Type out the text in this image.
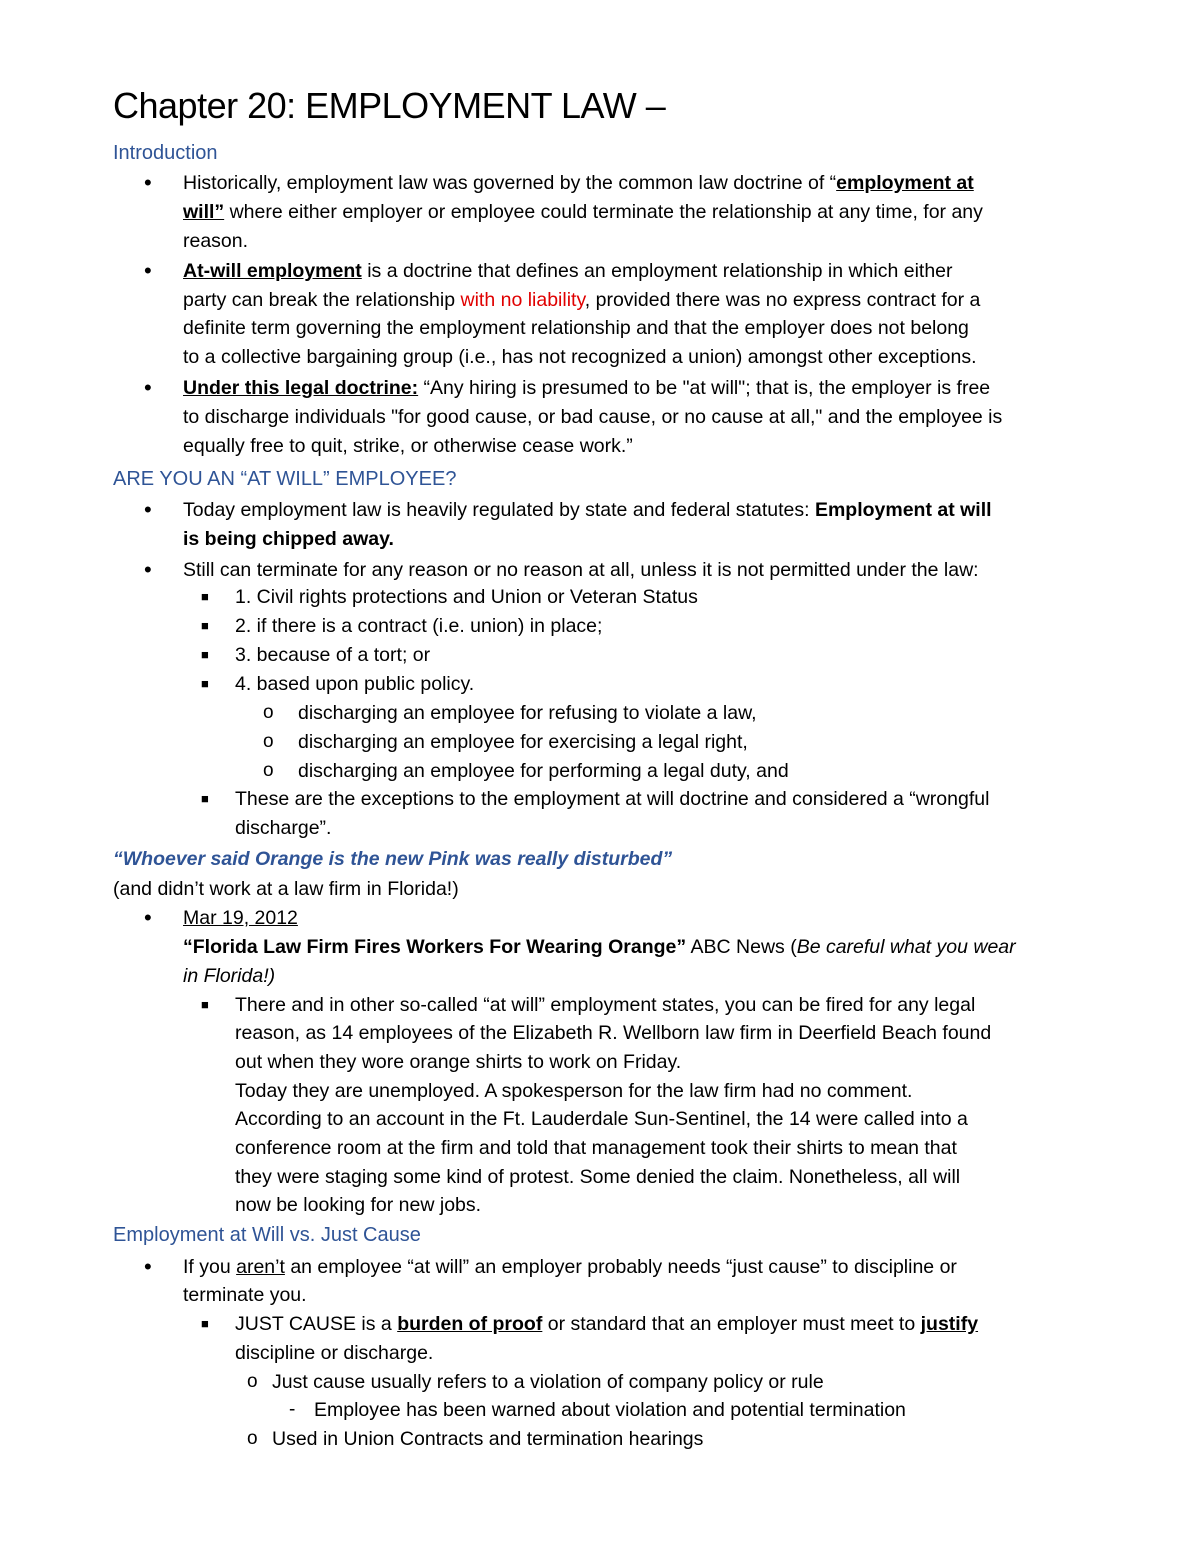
Chapter 20: EMPLOYMENT LAW –
Introduction
• Historically, employment law was governed by the common law doctrine of “employment at
will” where either employer or employee could terminate the relationship at any time, for any
reason.
• At-will employment is a doctrine that defines an employment relationship in which either
party can break the relationship with no liability, provided there was no express contract for a
definite term governing the employment relationship and that the employer does not belong
to a collective bargaining group (i.e., has not recognized a union) amongst other exceptions.
• Under this legal doctrine: “Any hiring is presumed to be "at will"; that is, the employer is free
to discharge individuals "for good cause, or bad cause, or no cause at all," and the employee is
equally free to quit, strike, or otherwise cease work.”
ARE YOU AN “AT WILL” EMPLOYEE?
• Today employment law is heavily regulated by state and federal statutes: Employment at will
is being chipped away.
• Still can terminate for any reason or no reason at all, unless it is not permitted under the law:
■ 1. Civil rights protections and Union or Veteran Status
■ 2. if there is a contract (i.e. union) in place;
■ 3. because of a tort; or
■ 4. based upon public policy.
o discharging an employee for refusing to violate a law,
o discharging an employee for exercising a legal right,
o discharging an employee for performing a legal duty, and
■ These are the exceptions to the employment at will doctrine and considered a “wrongful
discharge”.
“Whoever said Orange is the new Pink was really disturbed”
(and didn’t work at a law firm in Florida!)
• Mar 19, 2012
“Florida Law Firm Fires Workers For Wearing Orange” ABC News (Be careful what you wear
in Florida!)
■ There and in other so-called “at will” employment states, you can be fired for any legal
reason, as 14 employees of the Elizabeth R. Wellborn law firm in Deerfield Beach found
out when they wore orange shirts to work on Friday.
Today they are unemployed. A spokesperson for the law firm had no comment.
According to an account in the Ft. Lauderdale Sun-Sentinel, the 14 were called into a
conference room at the firm and told that management took their shirts to mean that
they were staging some kind of protest. Some denied the claim. Nonetheless, all will
now be looking for new jobs.
Employment at Will vs. Just Cause
• If you aren’t an employee “at will” an employer probably needs “just cause” to discipline or
terminate you.
■ JUST CAUSE is a burden of proof or standard that an employer must meet to justify
discipline or discharge.
o Just cause usually refers to a violation of company policy or rule
- Employee has been warned about violation and potential termination
o Used in Union Contracts and termination hearings
